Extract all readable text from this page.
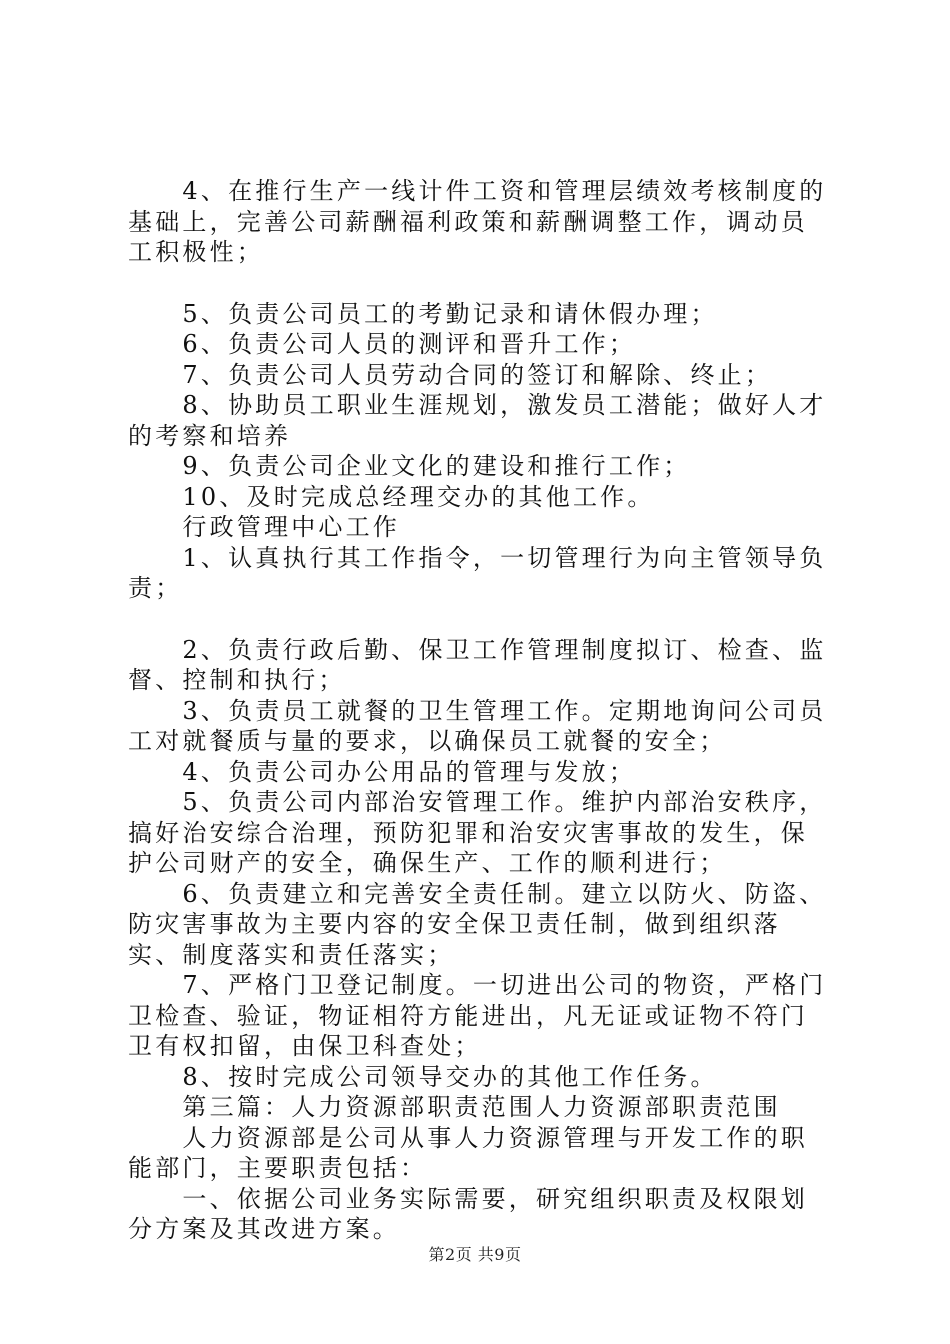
　　4、在推行生产一线计件工资和管理层绩效考核制度的基础上，完善公司薪酬福利政策和薪酬调整工作，调动员工积极性；

　　5、负责公司员工的考勤记录和请休假办理；

　　6、负责公司人员的测评和晋升工作；

　　7、负责公司人员劳动合同的签订和解除、终止；

　　8、协助员工职业生涯规划，激发员工潜能；做好人才的考察和培养

　　9、负责公司企业文化的建设和推行工作；

　　10、及时完成总经理交办的其他工作。

　　行政管理中心工作

　　1、认真执行其工作指令，一切管理行为向主管领导负责；

　　2、负责行政后勤、保卫工作管理制度拟订、检查、监督、控制和执行；

　　3、负责员工就餐的卫生管理工作。定期地询问公司员工对就餐质与量的要求，以确保员工就餐的安全；

　　4、负责公司办公用品的管理与发放；

　　5、负责公司内部治安管理工作。维护内部治安秩序，搞好治安综合治理，预防犯罪和治安灾害事故的发生，保护公司财产的安全，确保生产、工作的顺利进行；

　　6、负责建立和完善安全责任制。建立以防火、防盗、防灾害事故为主要内容的安全保卫责任制，做到组织落实、制度落实和责任落实；

　　7、严格门卫登记制度。一切进出公司的物资，严格门卫检查、验证，物证相符方能进出，凡无证或证物不符门卫有权扣留，由保卫科查处；

　　8、按时完成公司领导交办的其他工作任务。

　　第三篇：人力资源部职责范围人力资源部职责范围

　　人力资源部是公司从事人力资源管理与开发工作的职能部门，主要职责包括：

　　一、依据公司业务实际需要，研究组织职责及权限划分方案及其改进方案。

第2页 共9页
